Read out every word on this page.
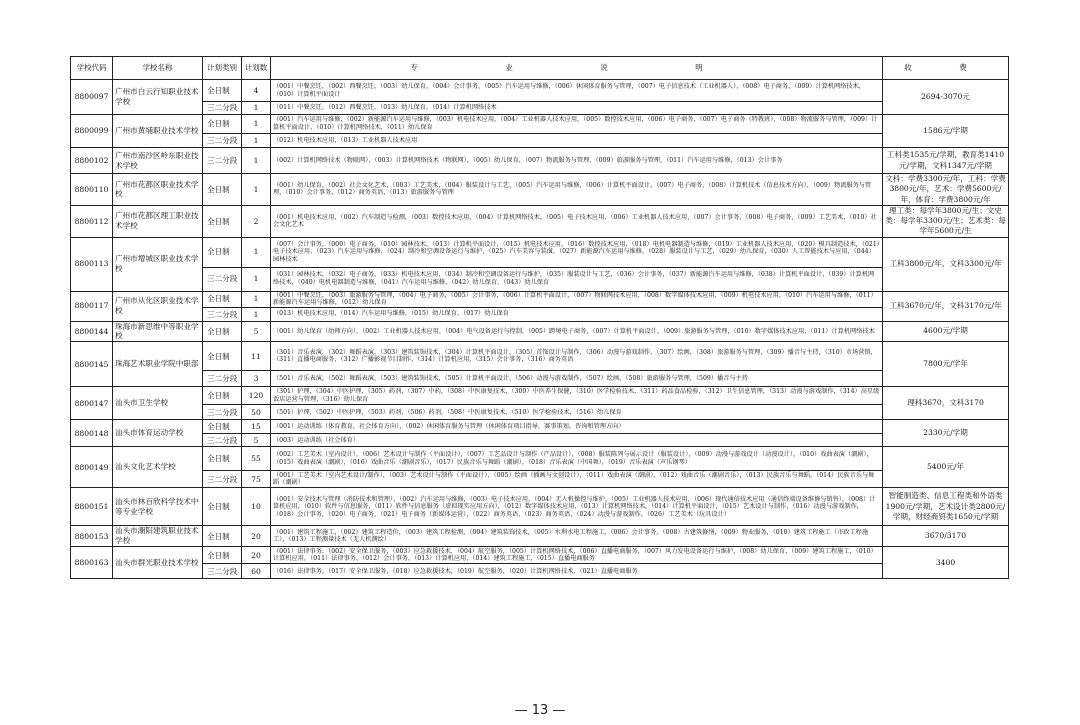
学校代码	学校名称	计划类别	计划数	专　业　说　明	收　费
8800097	广州市白云行知职业技术学校	全日制	4	（001）中餐烹饪，（002）西餐烹饪，（003）幼儿保育，（004）会计事务，（005）汽车运用与维修，（006）休闲体育服务与管理，（007）电子信息技术（工业机器人），（008）电子商务，（009）计算机网络技术，（010）计算机平面设计	2694-3070元
		三二分段	1	（011）中餐烹饪，（012）西餐烹饪，（013）幼儿保育，（014）计算机网络技术	
8800099	广州市黄埔职业技术学校	全日制	1	（001）汽车运用与维修，（002）新能源汽车运用与维修，（003）机电技术应用，（004）工业机器人技术应用，（005）数控技术应用，（006）电子商务，（007）电子商务（特教班），（008）物流服务与管理，（009）计算机平面设计，（010）计算机网络技术，（011）幼儿保育	1586元/学期
		三二分段	1	（012）机电技术应用，（013）工业机器人技术应用	
8800102	广州市南沙区岭东职业技术学校	三二分段	1	（002）计算机网络技术（物联网），（003）计算机网络技术（物联网），（005）幼儿保育，（007）物流服务与管理，（009）旅游服务与管理，（011）汽车运用与维修，（013）会计事务	工科类1535元/学期，教育类1410元/学期，文科1347元/学期
8800110	广州市花都区职业技术学校	全日制	1	（001）幼儿保育，（002）社会文化艺术，（003）工艺美术，（004）服装设计与工艺，（005）汽车运用与维修，（006）计算机平面设计，（007）电子商务，（008）计算机技术（信息技术方向），（009）物流服务与管理，（010）会计事务，（012）商务英语，（013）旅游服务与管理	文科：学费3300元/年，工科：学费3800元/年，艺术：学费5600元/年，体育：学费3800元/年
8800112	广州市花都区理工职业技术学校	全日制	2	（001）机电技术应用，（002）汽车制造与检测，（003）数控技术应用，（004）计算机网络技术，（005）电子技术应用，（006）工业机器人技术应用，（007）会计事务，（008）电子商务，（009）工艺美术，（010）社会文化艺术	理工类：每学年3800元/生；文史类：每学年3300元/生；艺术类：每学年5600元/生
8800113	广州市增城区职业技术学校	全日制	1	（007）会计事务，（009）电子商务，（010）园林技术，（013）计算机平面设计，（015）机电技术应用，（016）数控技术应用，（018）电机电器制造与维修，（019）工业机器人技术应用，（020）模具制造技术，（021）电子技术应用，（023）汽车运用与维修，（024）制冷和空调设备运行与维护，（025）汽车美容与装潢，（027）新能源汽车运用与维修，（028）服装设计与工艺，（029）幼儿保育，（030）人工智能技术与应用，（044）园林技术	工科3800元/年，文科3300元/年
		三二分段	1	（031）园林技术，（032）电子商务，（033）机电技术应用，（034）制冷和空调设备运行与维护，（035）服装设计与工艺，（036）会计事务，（037）新能源汽车运用与维修，（038）计算机平面设计，（039）计算机网络技术，（040）电机电器制造与维修，（041）汽车运用与维修，（042）幼儿保育，（043）幼儿保育	
8800117	广州市从化区职业技术学校	全日制	1	（001）中餐烹饪，（003）旅游服务与管理，（004）电子商务，（005）会计事务，（006）计算机平面设计，（007）物联网技术应用，（008）数字媒体技术应用，（009）机电技术应用，（010）汽车运用与维修，（011）新能源汽车运用与维修，（012）幼儿保育	工科3670元/年，文科3170元/年
		三二分段	1	（013）机电技术应用，（014）汽车运用与维修，（015）幼儿保育，（017）幼儿保育	
8800144	珠海市新思维中等职业学校	全日制	5	（001）幼儿保育（幼师方向），（002）工业机器人技术应用，（004）电气设备运行与控制，（005）跨境电子商务，（007）计算机平面设计，（009）旅游服务与管理，（010）数字媒体技术应用，（011）计算机网络技术	4600元/学期
8800145	珠海艺术职业学院中职部	全日制	11	（301）音乐表演，（302）舞蹈表演，（303）建筑装饰技术，（304）计算机平面设计，（305）首饰设计与制作，（306）动漫与游戏制作，（307）绘画，（308）旅游服务与管理，（309）播音与主持，（310）市场营销，（311）直播电商服务，（312）广播影视节目制作，（314）计算机应用，（315）会计事务，（316）商务英语	7800元/学年
		三二分段	3	（501）音乐表演，（502）舞蹈表演，（503）建筑装饰技术，（505）计算机平面设计，（506）动漫与游戏制作，（507）绘画，（508）旅游服务与管理，（509）播音与主持	
8800147	汕头市卫生学校	全日制	120	（301）护理，（304）中医护理，（305）药剂，（307）中药，（308）中医康复技术，（309）中医养生保健，（310）医学检验技术，（311）药品食品检验，（312）卫生信息管理，（313）动漫与游戏制作，（314）高星级饭店运营与管理，（316）幼儿保育	理科3670，文科3170
		三二分段	50	（501）护理，（502）中医护理，（503）药剂，（506）药剂，（508）中医康复技术，（510）医学检验技术，（516）幼儿保育	
8800148	汕头市体育运动学校	全日制	15	（001）运动训练（体育教育，社会体育方向），（002）休闲体育服务与管理（休闲体育项目指导，赛事策划，咨询和管理方向）	2330元/学期
		三二分段	5	（003）运动训练（社会体育）	
8800149	汕头文化艺术学校	全日制	55	（002）工艺美术（室内设计），（006）艺术设计与制作（平面设计），（007）工艺品设计与制作（产品设计），（008）服装陈列与展示设计（服装设计），（009）动漫与游戏设计（动漫设计），（010）戏曲表演（潮剧），（015）戏曲表演（潮剧），（016）戏曲音乐（潮剧音乐），（017）民族音乐与舞蹈（潮剧），（018）音乐表演（中国舞），（019）音乐表演（声乐钢琴）	5400元/年
		三二分段	75	（001）工艺美术（室内艺术设计/制作），（003）艺术设计与制作（平面设计），（005）绘画（插画与文创设计），（011）戏曲表演（潮剧），（012）戏曲音乐（潮剧音乐），（013）民族音乐与舞蹈，（014）民族音乐与舞蹈（潮剧）	
8800151	汕头市林百欣科学技术中等专业学校	全日制	10	（001）安全技术与管理（消防技术和管理），（002）汽车运用与维修，（003）电子技术应用，（004）无人机操控与维护，（005）工业机器人技术应用，（006）现代通信技术应用（通信终端设备维修与销售），（008）计算机应用，（010）软件与信息服务，（011）软件与信息服务（虚拟现实应用方向），（012）数字媒体技术应用，（013）计算机网络技术，（014）计算机平面设计，（015）艺术设计与制作，（016）动漫与游戏制作，（018）会计事务，（020）电子商务，（021）电子商务（新媒体运营），（022）商务英语，（023）商务英语，（024）动漫与游戏制作，（026）工艺美术（玩具设计）	智能制造类、信息工程类和外语类1900元/学期，艺术设计类2800元/学期，财经商贸类1650元/学期
8800153	汕头市潮阳建筑职业技术学校	全日制	20	（001）建筑工程施工，（002）建筑工程造价，（003）建筑工程检测，（004）建筑装饰技术，（005）水利水电工程施工，（006）会计事务，（008）古建筑修缮，（009）物业服务，（010）建筑工程施工（市政工程施工），（013）工程测量技术（无人机测绘）	3670/3170
8800163	汕头市群光职业技术学校	全日制	20	（001）法律事务，（002）安全保卫服务，（003）应急救援技术，（004）航空服务，（005）计算机网络技术，（006）直播电商服务，（007）风力发电设备运行与维护，（008）幼儿保育，（009）建筑工程施工，（010）计算机应用，（011）法律事务，（012）会计事务，（013）计算机应用，（014）建筑工程施工，（015）直播电商服务	3400
		三二分段	60	（016）法律事务，（017）安全保卫服务，（018）应急救援技术，（019）航空服务，（020）计算机网络技术，（021）直播电商服务	
— 13 —
